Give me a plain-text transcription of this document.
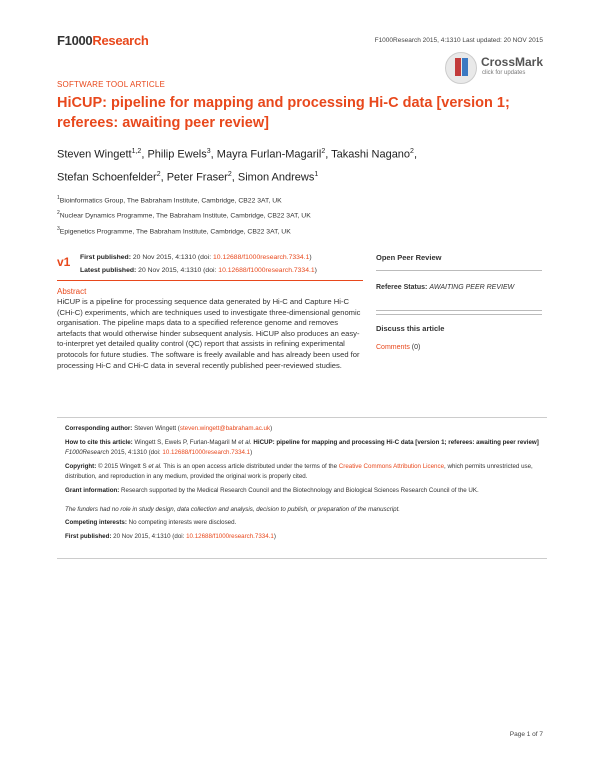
F1000Research	F1000Research 2015, 4:1310 Last updated: 20 NOV 2015
CrossMark
click for updates
SOFTWARE TOOL ARTICLE
HiCUP: pipeline for mapping and processing Hi-C data [version 1; referees: awaiting peer review]
Steven Wingett$^{1,2}$, Philip Ewels$^3$, Mayra Furlan-Magaril$^2$, Takashi Nagano$^2$,
Stefan Schoenfelder$^2$, Peter Fraser$^2$, Simon Andrews$^1$
$^1$Bioinformatics Group, The Babraham Institute, Cambridge, CB22 3AT, UK
$^2$Nuclear Dynamics Programme, The Babraham Institute, Cambridge, CB22 3AT, UK
$^3$Epigenetics Programme, The Babraham Institute, Cambridge, CB22 3AT, UK
v1 First published: 20 Nov 2015, 4:1310 (doi: 10.12688/f1000research.7334.1)
Latest published: 20 Nov 2015, 4:1310 (doi: 10.12688/f1000research.7334.1)
Abstract
HiCUP is a pipeline for processing sequence data generated by Hi-C and Capture Hi-C (CHi-C) experiments, which are techniques used to investigate three-dimensional genomic organisation. The pipeline maps data to a specified reference genome and removes artefacts that would otherwise hinder subsequent analysis. HiCUP also produces an easy-to-interpret yet detailed quality control (QC) report that assists in refining experimental protocols for future studies. The software is freely available and has already been used for processing Hi-C and CHi-C data in several recently published peer-reviewed studies.
Open Peer Review
Referee Status: AWAITING PEER REVIEW
Discuss this article
Comments (0)
Corresponding author: Steven Wingett (steven.wingett@babraham.ac.uk)
How to cite this article: Wingett S, Ewels P, Furlan-Magaril M et al. HiCUP: pipeline for mapping and processing Hi-C data [version 1; referees: awaiting peer review] F1000Research 2015, 4:1310 (doi: 10.12688/f1000research.7334.1)
Copyright: © 2015 Wingett S et al. This is an open access article distributed under the terms of the Creative Commons Attribution Licence, which permits unrestricted use, distribution, and reproduction in any medium, provided the original work is properly cited.
Grant information: Research supported by the Medical Research Council and the Biotechnology and Biological Sciences Research Council of the UK.
The funders had no role in study design, data collection and analysis, decision to publish, or preparation of the manuscript.
Competing interests: No competing interests were disclosed.
First published: 20 Nov 2015, 4:1310 (doi: 10.12688/f1000research.7334.1)
Page 1 of 7
